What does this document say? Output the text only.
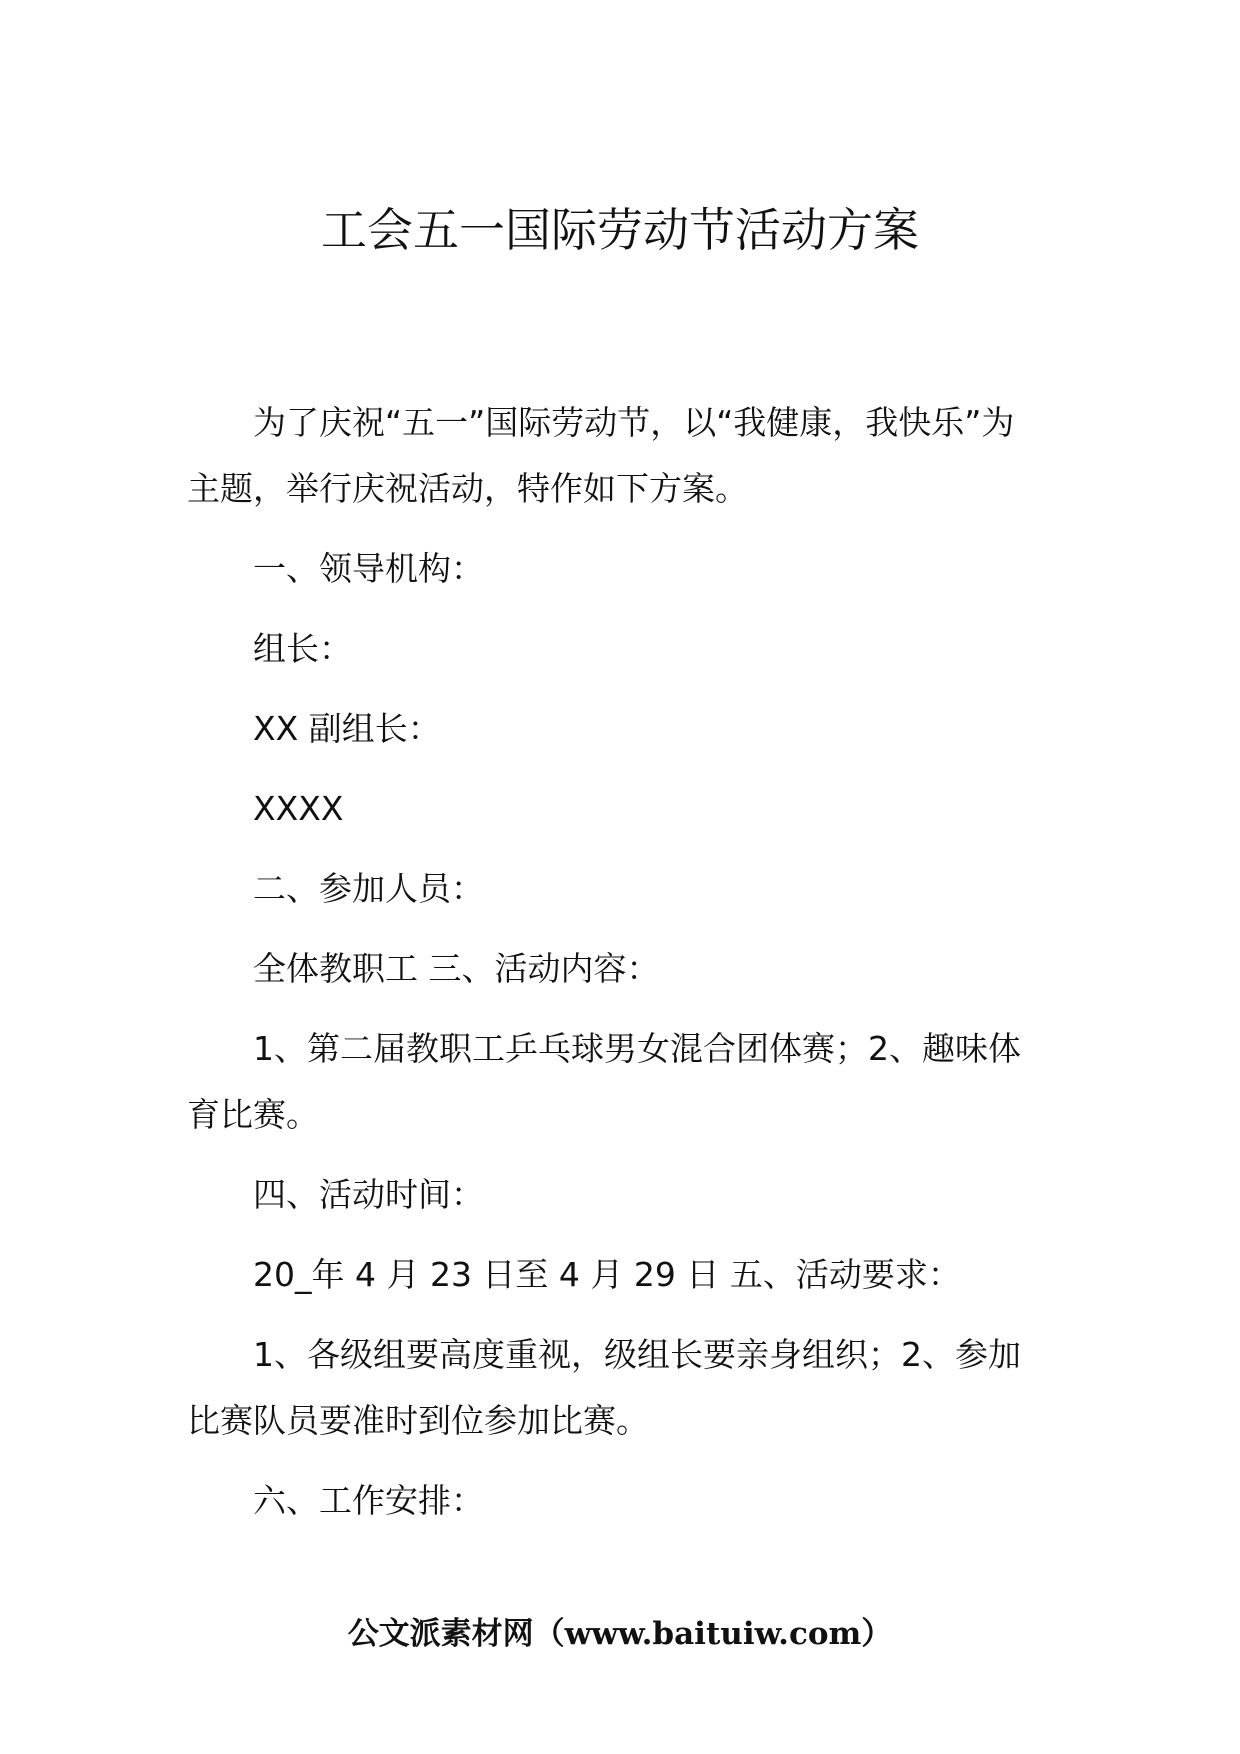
工会五一国际劳动节活动方案

为了庆祝“五一”国际劳动节，以“我健康，我快乐”为主题，举行庆祝活动，特作如下方案。

一、领导机构：

组长：

XX 副组长：

XXXX

二、参加人员：

全体教职工 三、活动内容：

1、第二届教职工乒乓球男女混合团体赛；2、趣味体育比赛。

四、活动时间：

20_年 4 月 23 日至 4 月 29 日 五、活动要求：

1、各级组要高度重视，级组长要亲身组织；2、参加比赛队员要准时到位参加比赛。

六、工作安排：

公文派素材网（www.baituiw.com）
